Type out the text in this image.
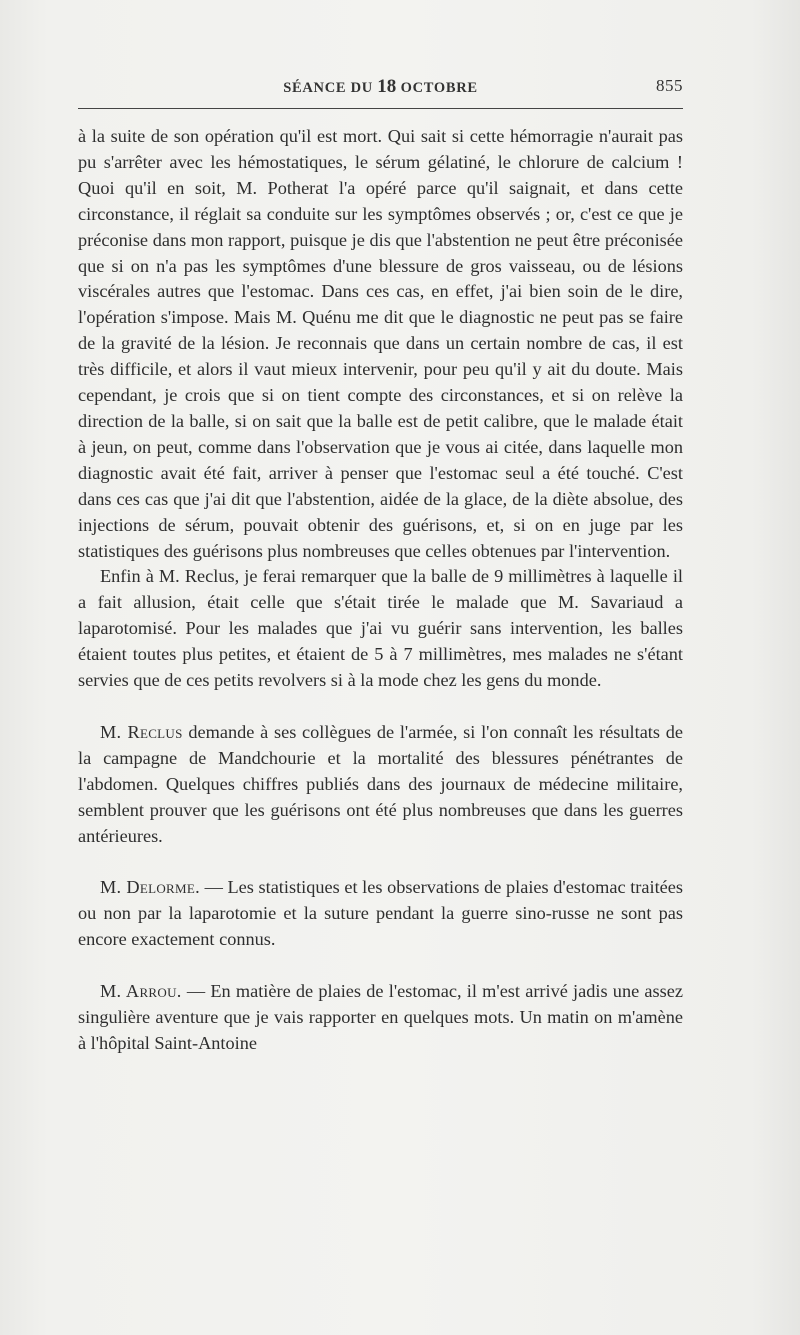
SÉANCE DU 18 OCTOBRE	855

à la suite de son opération qu'il est mort. Qui sait si cette hémorragie n'aurait pas pu s'arrêter avec les hémostatiques, le sérum gélatiné, le chlorure de calcium ! Quoi qu'il en soit, M. Potherat l'a opéré parce qu'il saignait, et dans cette circonstance, il réglait sa conduite sur les symptômes observés ; or, c'est ce que je préconise dans mon rapport, puisque je dis que l'abstention ne peut être préconisée que si on n'a pas les symptômes d'une blessure de gros vaisseau, ou de lésions viscérales autres que l'estomac. Dans ces cas, en effet, j'ai bien soin de le dire, l'opération s'impose. Mais M. Quénu me dit que le diagnostic ne peut pas se faire de la gravité de la lésion. Je reconnais que dans un certain nombre de cas, il est très difficile, et alors il vaut mieux intervenir, pour peu qu'il y ait du doute. Mais cependant, je crois que si on tient compte des circonstances, et si on relève la direction de la balle, si on sait que la balle est de petit calibre, que le malade était à jeun, on peut, comme dans l'observation que je vous ai citée, dans laquelle mon diagnostic avait été fait, arriver à penser que l'estomac seul a été touché. C'est dans ces cas que j'ai dit que l'abstention, aidée de la glace, de la diète absolue, des injections de sérum, pouvait obtenir des guérisons, et, si on en juge par les statistiques des guérisons plus nombreuses que celles obtenues par l'intervention.

Enfin à M. Reclus, je ferai remarquer que la balle de 9 millimètres à laquelle il a fait allusion, était celle que s'était tirée le malade que M. Savariaud a laparotomisé. Pour les malades que j'ai vu guérir sans intervention, les balles étaient toutes plus petites, et étaient de 5 à 7 millimètres, mes malades ne s'étant servies que de ces petits revolvers si à la mode chez les gens du monde.

M. Reclus demande à ses collègues de l'armée, si l'on connaît les résultats de la campagne de Mandchourie et la mortalité des blessures pénétrantes de l'abdomen. Quelques chiffres publiés dans des journaux de médecine militaire, semblent prouver que les guérisons ont été plus nombreuses que dans les guerres antérieures.

M. Delorme. — Les statistiques et les observations de plaies d'estomac traitées ou non par la laparotomie et la suture pendant la guerre sino-russe ne sont pas encore exactement connus.

M. Arrou. — En matière de plaies de l'estomac, il m'est arrivé jadis une assez singulière aventure que je vais rapporter en quelques mots. Un matin on m'amène à l'hôpital Saint-Antoine
